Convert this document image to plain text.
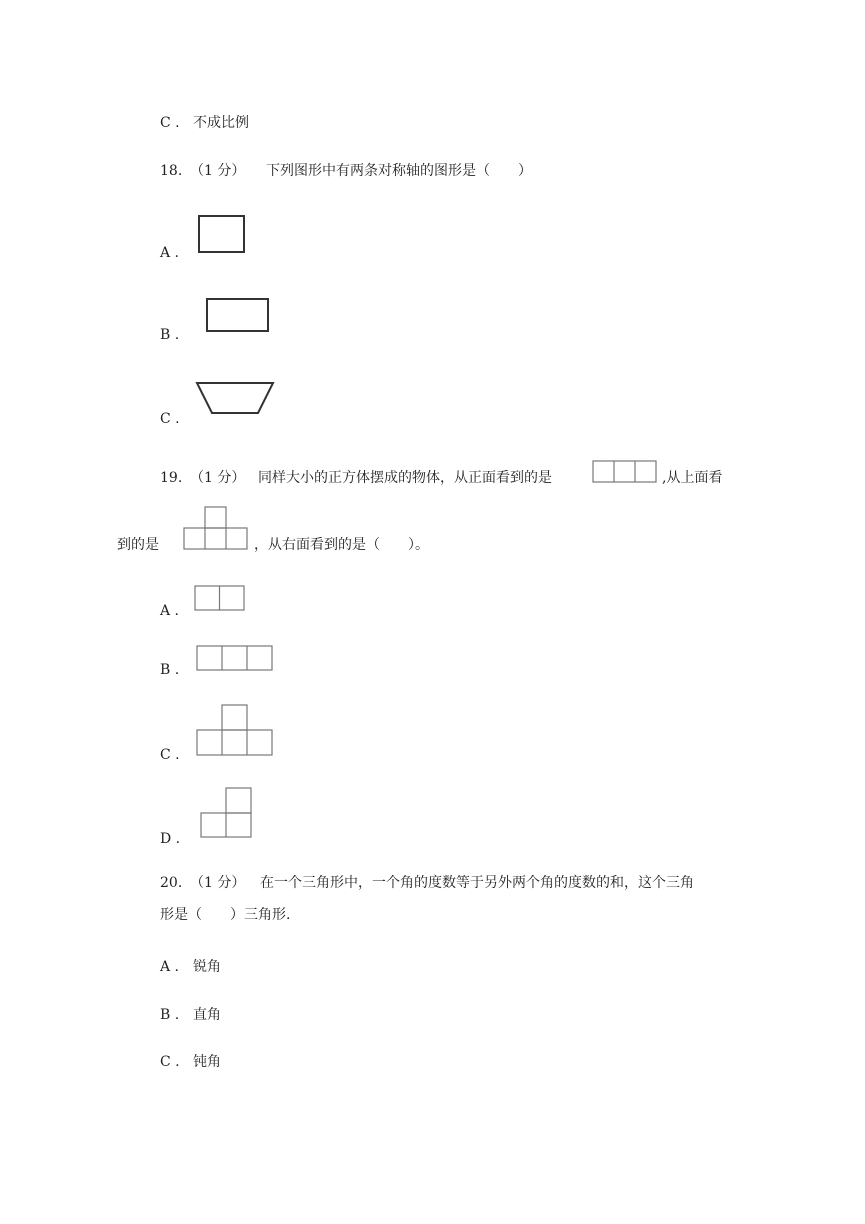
C . 不成比例
18. （1 分） 下列图形中有两条对称轴的图形是（　　）
A .
B .
C .
19. （1 分） 同样大小的正方体摆成的物体，从正面看到的是	,从上面看
到的是	，从右面看到的是（　　）。
A .
B .
C .
D .
20. （1 分） 在一个三角形中，一个角的度数等于另外两个角的度数的和，这个三角
形是（　　）三角形.
A . 锐角
B . 直角
C . 钝角
